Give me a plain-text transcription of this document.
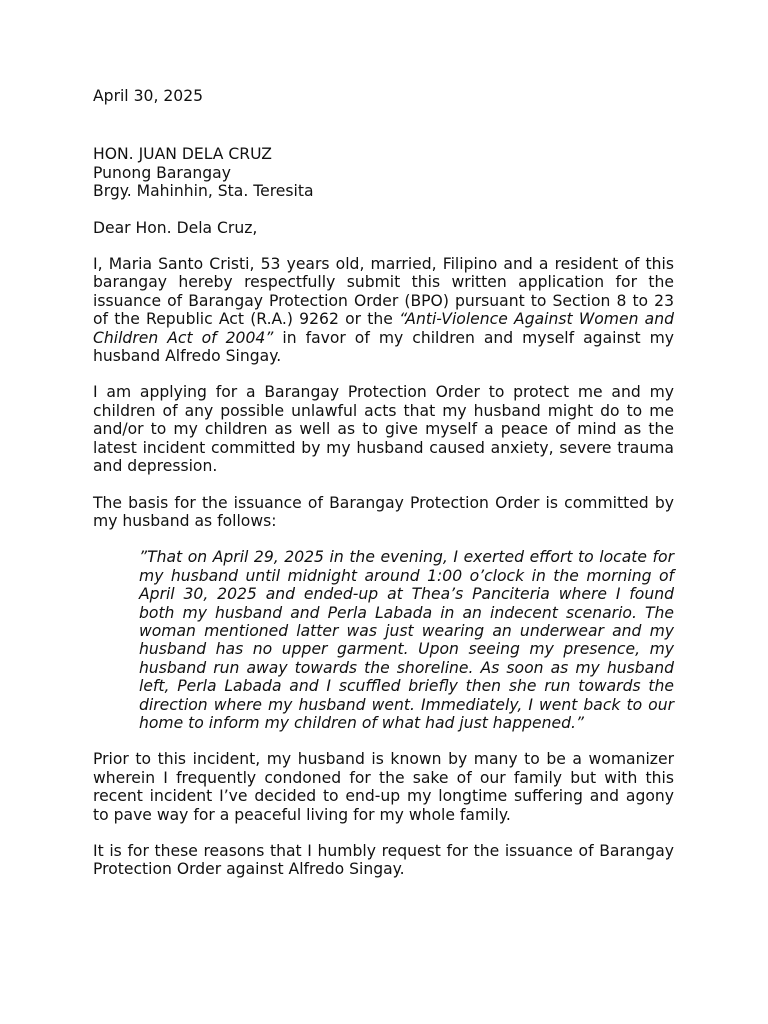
April 30, 2025

HON. JUAN DELA CRUZ
Punong Barangay
Brgy. Mahinhin, Sta. Teresita

Dear Hon. Dela Cruz,

I, Maria Santo Cristi, 53 years old, married, Filipino and a resident of this barangay hereby respectfully submit this written application for the issuance of Barangay Protection Order (BPO) pursuant to Section 8 to 23 of the Republic Act (R.A.) 9262 or the “Anti-Violence Against Women and Children Act of 2004” in favor of my children and myself against my husband Alfredo Singay.

I am applying for a Barangay Protection Order to protect me and my children of any possible unlawful acts that my husband might do to me and/or to my children as well as to give myself a peace of mind as the latest incident committed by my husband caused anxiety, severe trauma and depression.

The basis for the issuance of Barangay Protection Order is committed by my husband as follows:

”That on April 29, 2025 in the evening, I exerted effort to locate for my husband until midnight around 1:00 o’clock in the morning of April 30, 2025 and ended-up at Thea’s Panciteria where I found both my husband and Perla Labada in an indecent scenario. The woman mentioned latter was just wearing an underwear and my husband has no upper garment. Upon seeing my presence, my husband run away towards the shoreline. As soon as my husband left, Perla Labada and I scuffled briefly then she run towards the direction where my husband went. Immediately, I went back to our home to inform my children of what had just happened.”

Prior to this incident, my husband is known by many to be a womanizer wherein I frequently condoned for the sake of our family but with this recent incident I’ve decided to end-up my longtime suffering and agony to pave way for a peaceful living for my whole family.

It is for these reasons that I humbly request for the issuance of Barangay Protection Order against Alfredo Singay.
